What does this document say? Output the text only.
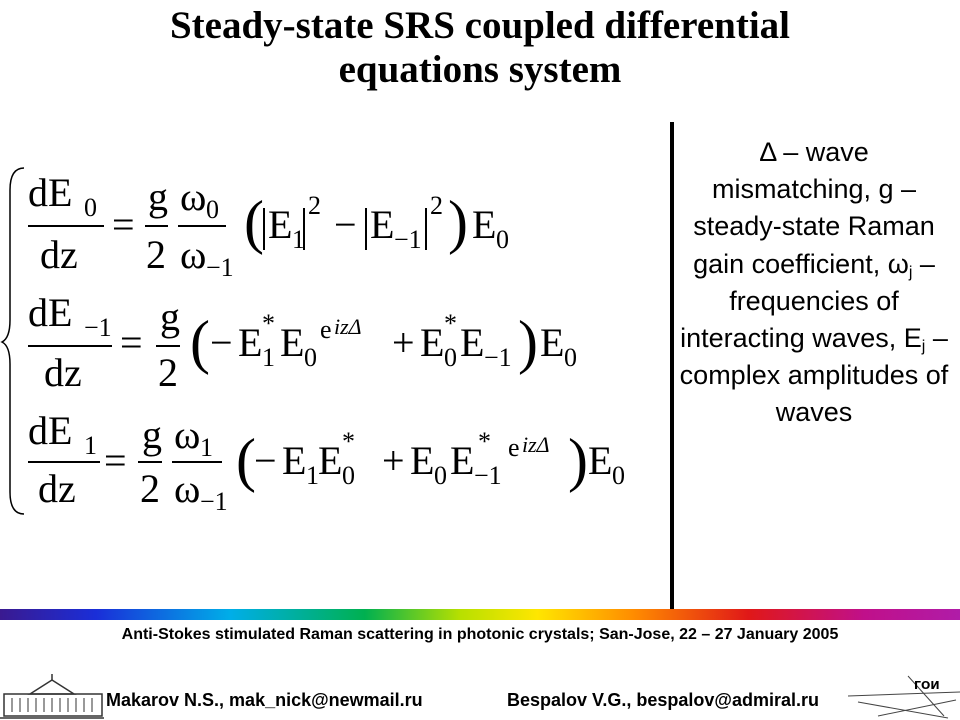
Steady-state SRS coupled differential
equations system
dE 0
dz
=
g
2
ω 0
ω −1
( E 1
2 − E −1
2 ) E 0
dE −1
dz
=
g
2 ( − E 1
* E 0
e izΔ + E 0
* E −1 ) E 0
dE 1
dz
=
g
2
ω 1
ω −1
(
− E 1 E 0
* + E 0 E −1
* e izΔ ) E 0
Δ – wave mismatching, g – steady-state Raman gain coefficient, $\omega_j$ – frequencies of interacting waves, $E_j$ – complex amplitudes of waves
Anti-Stokes stimulated Raman scattering in photonic crystals; San-Jose, 22 – 27 January 2005
Makarov N.S., mak_nick@newmail.ru	Bespalov V.G., bespalov@admiral.ru
ГОИ
